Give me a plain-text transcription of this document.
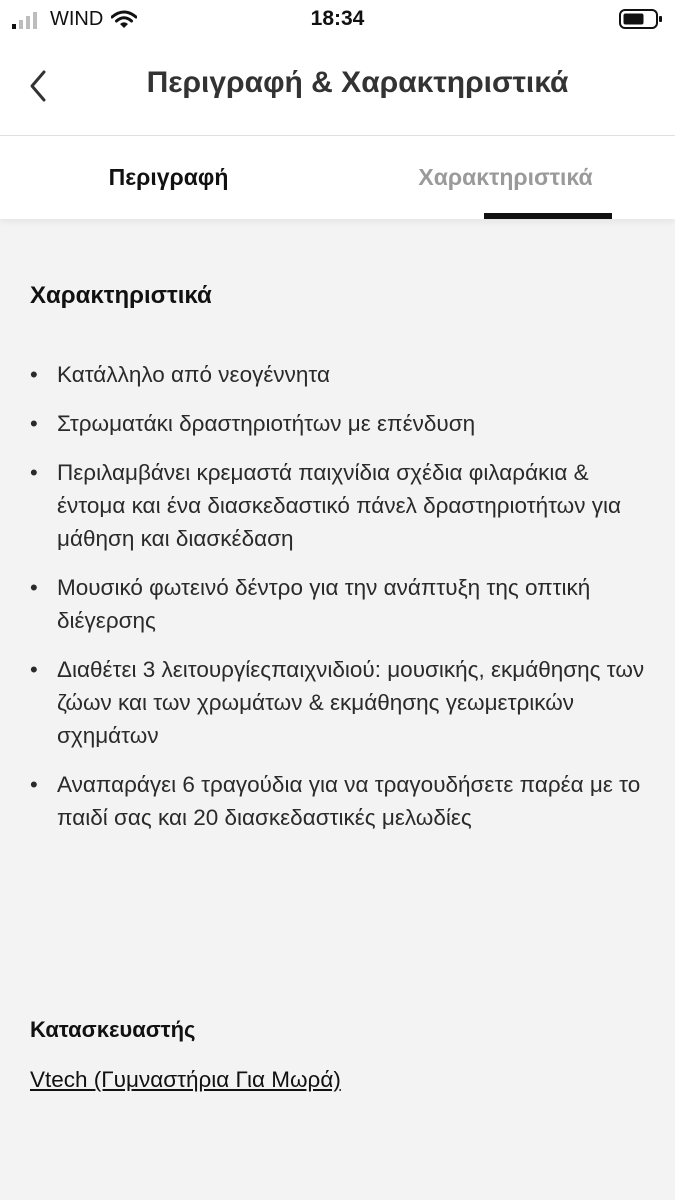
WIND	18:34
Περιγραφή & Χαρακτηριστικά
Περιγραφή	Χαρακτηριστικά
Χαρακτηριστικά
• Κατάλληλο από νεογέννητα
• Στρωματάκι δραστηριοτήτων με επένδυση
• Περιλαμβάνει κρεμαστά παιχνίδια σχέδια φιλαράκια & έντομα και ένα διασκεδαστικό πάνελ δραστηριοτήτων για μάθηση και διασκέδαση
• Μουσικό φωτεινό δέντρο για την ανάπτυξη της οπτική διέγερσης
• Διαθέτει 3 λειτουργίεςπαιχνιδιού: μουσικής, εκμάθησης των ζώων και των χρωμάτων & εκμάθησης γεωμετρικών σχημάτων
• Αναπαράγει 6 τραγούδια για να τραγουδήσετε παρέα με το παιδί σας και 20 διασκεδαστικές μελωδίες
Κατασκευαστής
Vtech (Γυμναστήρια Για Μωρά)
